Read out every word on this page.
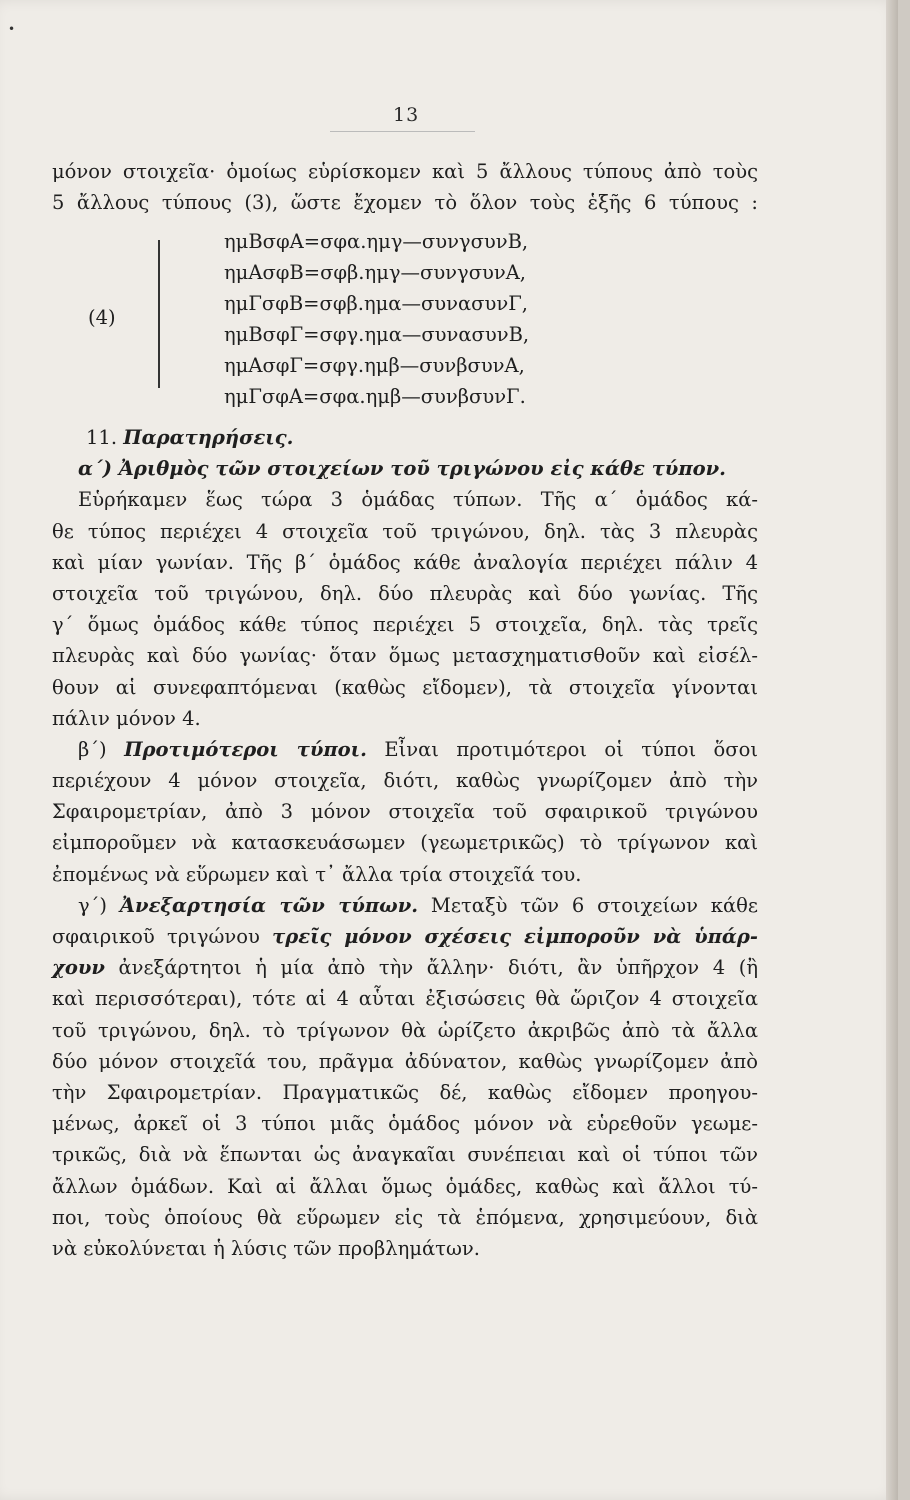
•
13
μόνον στοιχεῖα· ὁμοίως εὑρίσκομεν καὶ 5 ἄλλους τύπους ἀπὸ τοὺς
5 ἄλλους τύπους (3), ὥστε ἔχομεν τὸ ὅλον τοὺς ἑξῆς 6 τύπους :
(4)
ημΒσφΑ=σφα.ημγ—συνγσυνΒ,
ημΑσφΒ=σφβ.ημγ—συνγσυνΑ,
ημΓσφΒ=σφβ.ημα—συνασυνΓ,
ημΒσφΓ=σφγ.ημα—συνασυνΒ,
ημΑσφΓ=σφγ.ημβ—συνβσυνΑ,
ημΓσφΑ=σφα.ημβ—συνβσυνΓ.
11. Παρατηρήσεις.
α΄) Ἀριθμὸς τῶν στοιχείων τοῦ τριγώνου εἰς κάθε τύπον.
Εὑρήκαμεν ἕως τώρα 3 ὁμάδας τύπων. Τῆς α΄ ὁμάδος κά-
θε τύπος περιέχει 4 στοιχεῖα τοῦ τριγώνου, δηλ. τὰς 3 πλευρὰς
καὶ μίαν γωνίαν. Τῆς β΄ ὁμάδος κάθε ἀναλογία περιέχει πάλιν 4
στοιχεῖα τοῦ τριγώνου, δηλ. δύο πλευρὰς καὶ δύο γωνίας. Τῆς
γ΄ ὅμως ὁμάδος κάθε τύπος περιέχει 5 στοιχεῖα, δηλ. τὰς τρεῖς
πλευρὰς καὶ δύο γωνίας· ὅταν ὅμως μετασχηματισθοῦν καὶ εἰσέλ-
θουν αἱ συνεφαπτόμεναι (καθὼς εἴδομεν), τὰ στοιχεῖα γίνονται
πάλιν μόνον 4.
β΄) Προτιμότεροι τύποι. Εἶναι προτιμότεροι οἱ τύποι ὅσοι
περιέχουν 4 μόνον στοιχεῖα, διότι, καθὼς γνωρίζομεν ἀπὸ τὴν
Σφαιρομετρίαν, ἀπὸ 3 μόνον στοιχεῖα τοῦ σφαιρικοῦ τριγώνου
εἰμποροῦμεν νὰ κατασκευάσωμεν (γεωμετρικῶς) τὸ τρίγωνον καὶ
ἐπομένως νὰ εὕρωμεν καὶ τ᾽ ἄλλα τρία στοιχεῖά του.
γ΄) Ἀνεξαρτησία τῶν τύπων. Μεταξὺ τῶν 6 στοιχείων κάθε
σφαιρικοῦ τριγώνου τρεῖς μόνον σχέσεις εἰμποροῦν νὰ ὑπάρ-
χουν ἀνεξάρτητοι ἡ μία ἀπὸ τὴν ἄλλην· διότι, ἂν ὑπῆρχον 4 (ἢ
καὶ περισσότεραι), τότε αἱ 4 αὗται ἐξισώσεις θὰ ὥριζον 4 στοιχεῖα
τοῦ τριγώνου, δηλ. τὸ τρίγωνον θὰ ὡρίζετο ἀκριβῶς ἀπὸ τὰ ἄλλα
δύο μόνον στοιχεῖά του, πρᾶγμα ἀδύνατον, καθὼς γνωρίζομεν ἀπὸ
τὴν Σφαιρομετρίαν. Πραγματικῶς δέ, καθὼς εἴδομεν προηγου-
μένως, ἀρκεῖ οἱ 3 τύποι μιᾶς ὁμάδος μόνον νὰ εὑρεθοῦν γεωμε-
τρικῶς, διὰ νὰ ἕπωνται ὡς ἀναγκαῖαι συνέπειαι καὶ οἱ τύποι τῶν
ἄλλων ὁμάδων. Καὶ αἱ ἄλλαι ὅμως ὁμάδες, καθὼς καὶ ἄλλοι τύ-
ποι, τοὺς ὁποίους θὰ εὕρωμεν εἰς τὰ ἑπόμενα, χρησιμεύουν, διὰ
νὰ εὐκολύνεται ἡ λύσις τῶν προβλημάτων.
